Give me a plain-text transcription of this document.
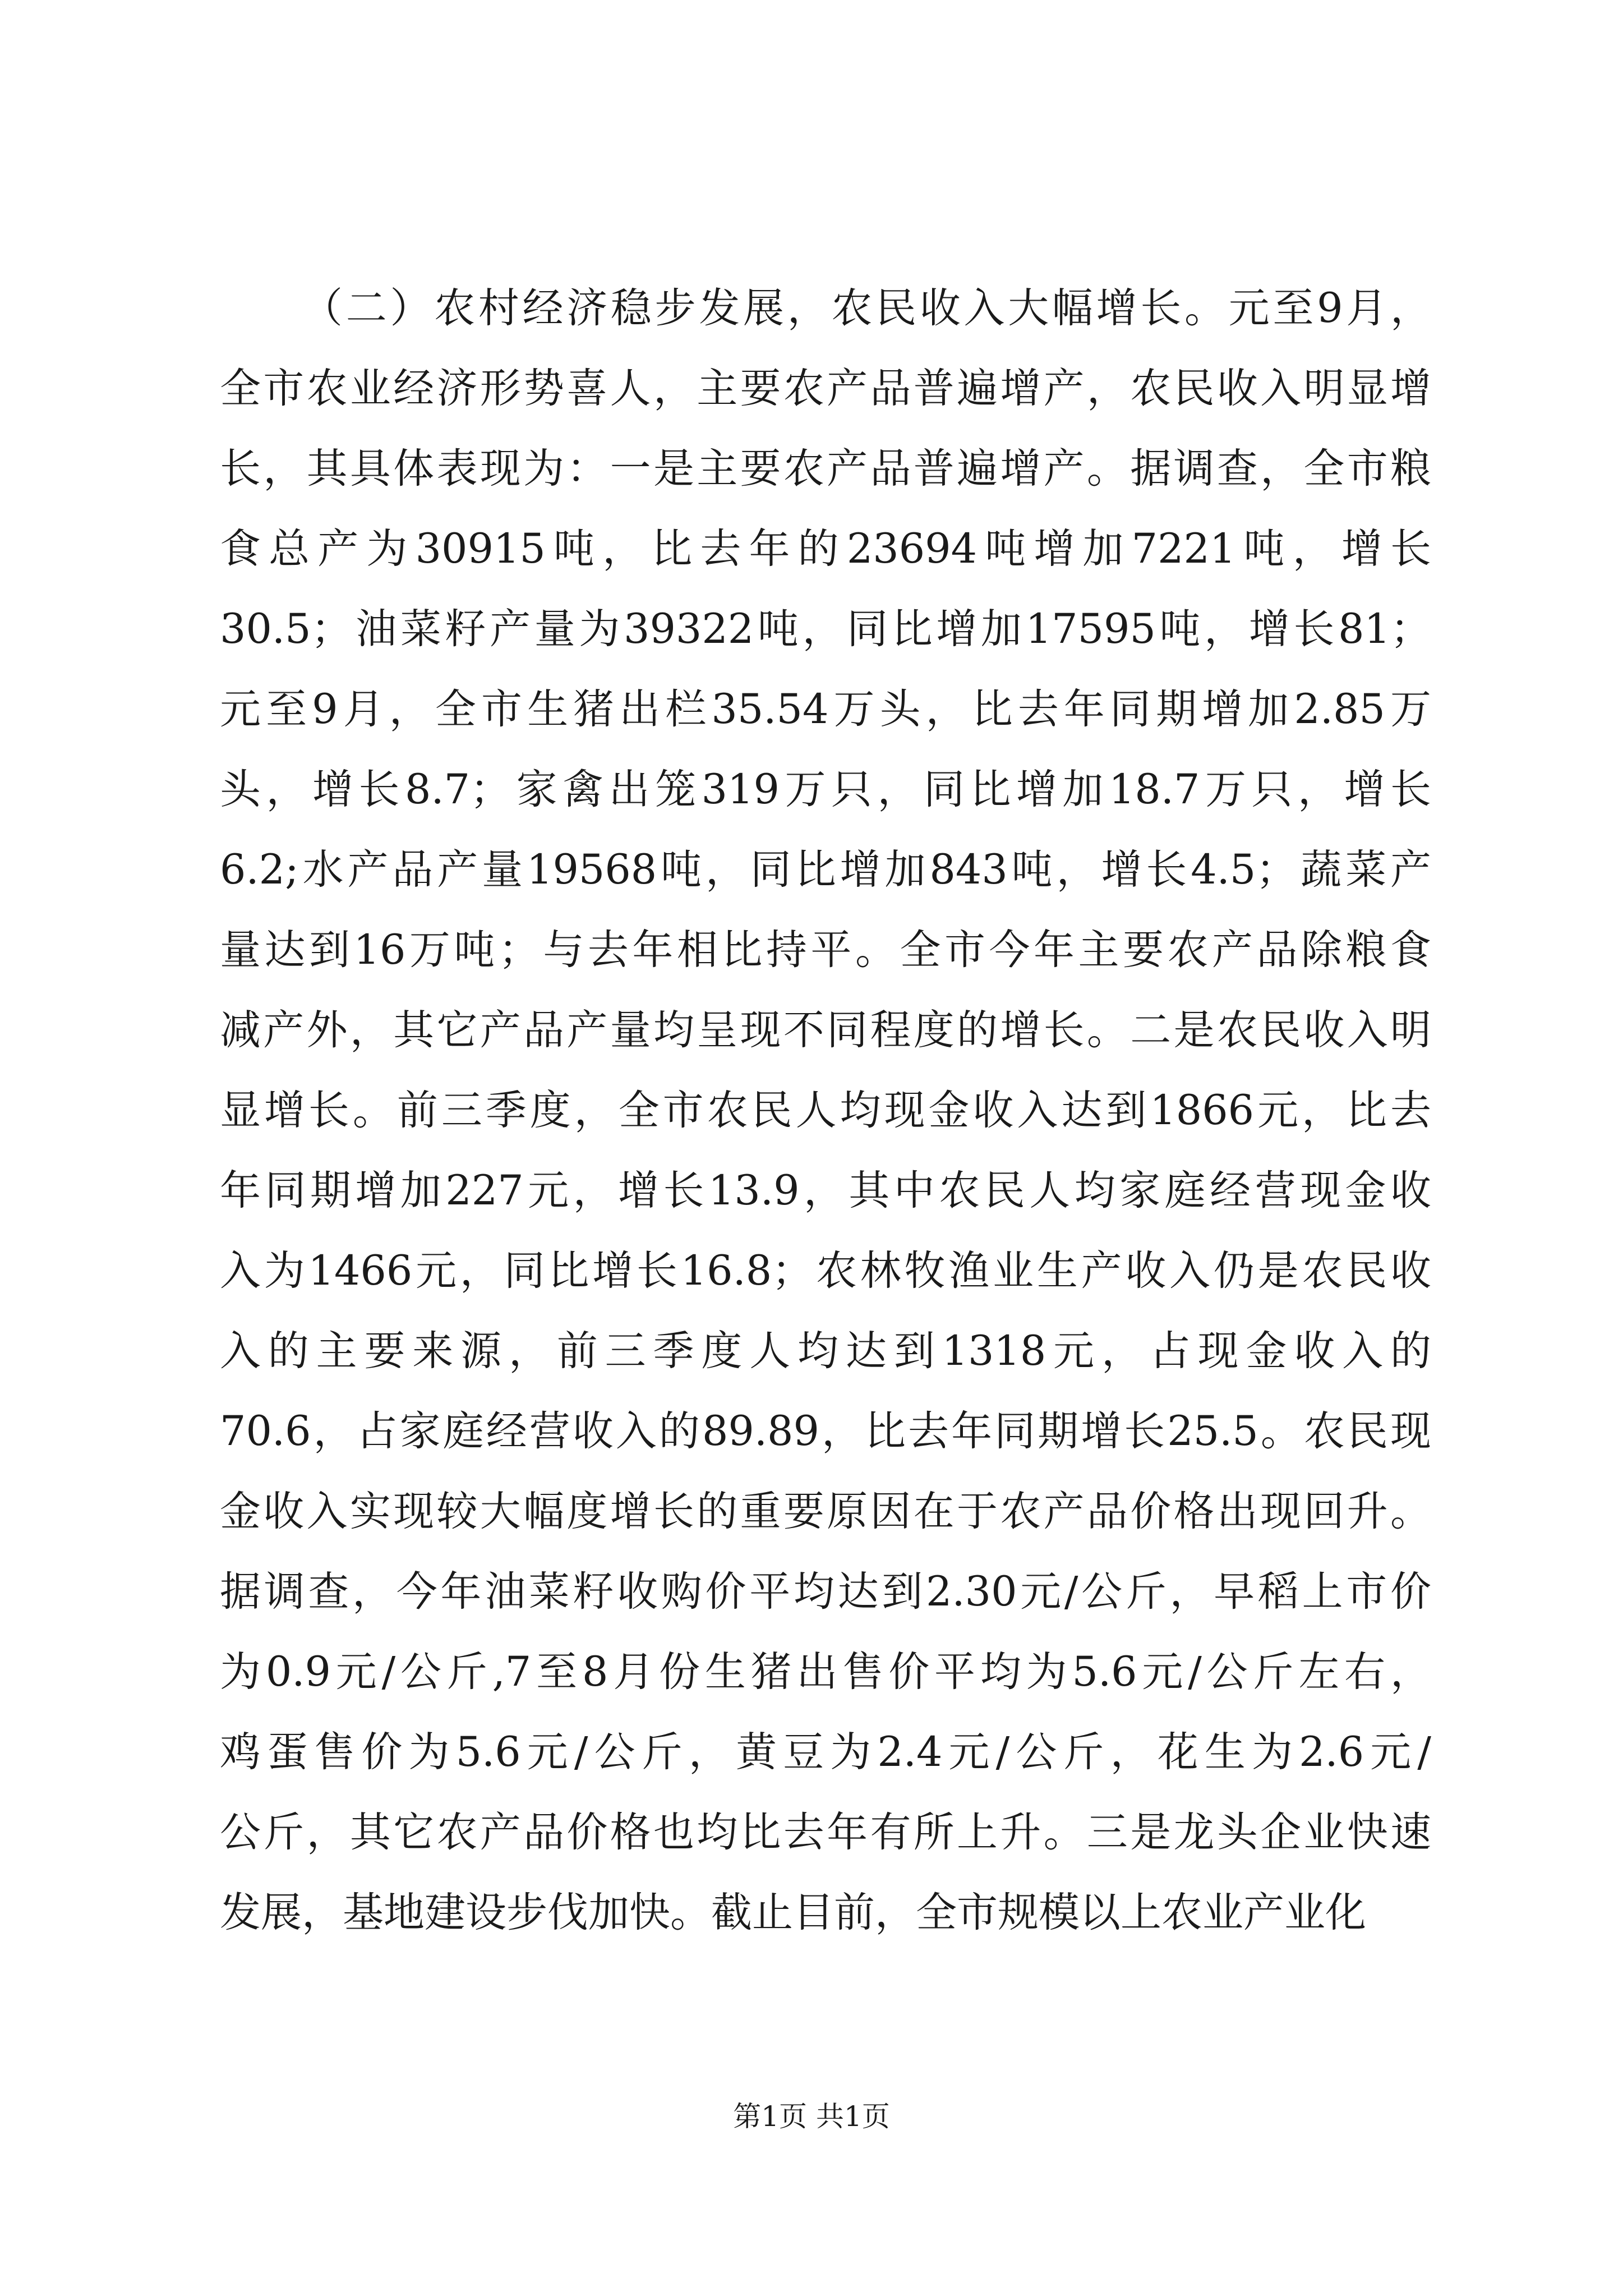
（二）农村经济稳步发展，农民收入大幅增长。元至9月，
全市农业经济形势喜人，主要农产品普遍增产，农民收入明显增
长，其具体表现为：一是主要农产品普遍增产。据调查，全市粮
食总产为30915吨，比去年的23694吨增加7221吨，增长
30.5；油菜籽产量为39322吨，同比增加17595吨，增长81；
元至9月，全市生猪出栏35.54万头，比去年同期增加2.85万
头，增长8.7；家禽出笼319万只，同比增加18.7万只，增长
6.2;水产品产量19568吨，同比增加843吨，增长4.5；蔬菜产
量达到16万吨；与去年相比持平。全市今年主要农产品除粮食
减产外，其它产品产量均呈现不同程度的增长。二是农民收入明
显增长。前三季度，全市农民人均现金收入达到1866元，比去
年同期增加227元，增长13.9，其中农民人均家庭经营现金收
入为1466元，同比增长16.8；农林牧渔业生产收入仍是农民收
入的主要来源，前三季度人均达到1318元，占现金收入的
70.6，占家庭经营收入的89.89，比去年同期增长25.5。农民现
金收入实现较大幅度增长的重要原因在于农产品价格出现回升。
据调查，今年油菜籽收购价平均达到2.30元/公斤，早稻上市价
为0.9元/公斤,7至8月份生猪出售价平均为5.6元/公斤左右，
鸡蛋售价为5.6元/公斤，黄豆为2.4元/公斤，花生为2.6元/
公斤，其它农产品价格也均比去年有所上升。三是龙头企业快速
发展，基地建设步伐加快。截止目前，全市规模以上农业产业化
第1页 共1页
